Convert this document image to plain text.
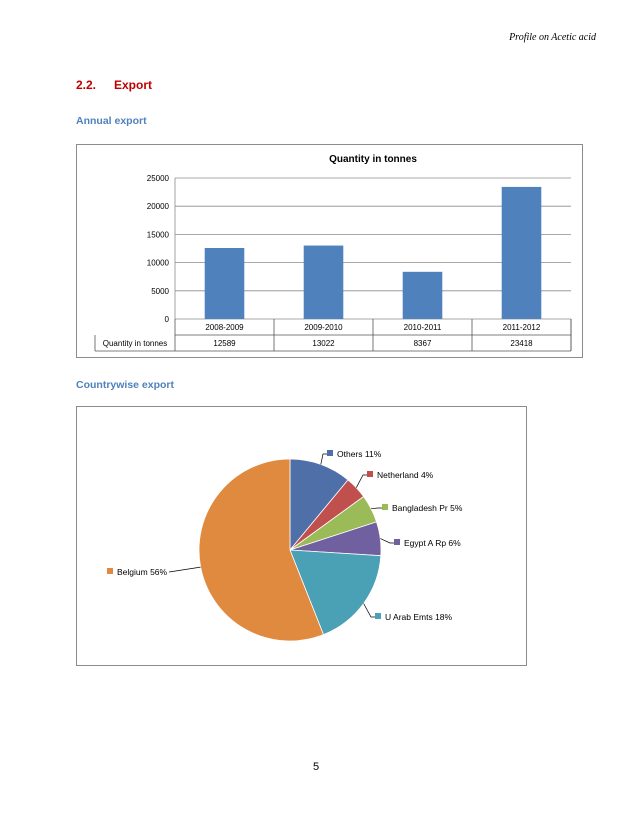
Profile on Acetic acid
2.2. Export
Annual export
Quantity in tonnes
0
5000
10000
15000
20000
25000
2008-2009
12589
2009-2010
13022
2010-2011
8367
2011-2012
23418
Quantity in tonnes
Countrywise export
Others 11%
Netherland 4%
Bangladesh Pr 5%
Egypt A Rp 6%
U Arab Emts 18%
Belgium 56%
5
